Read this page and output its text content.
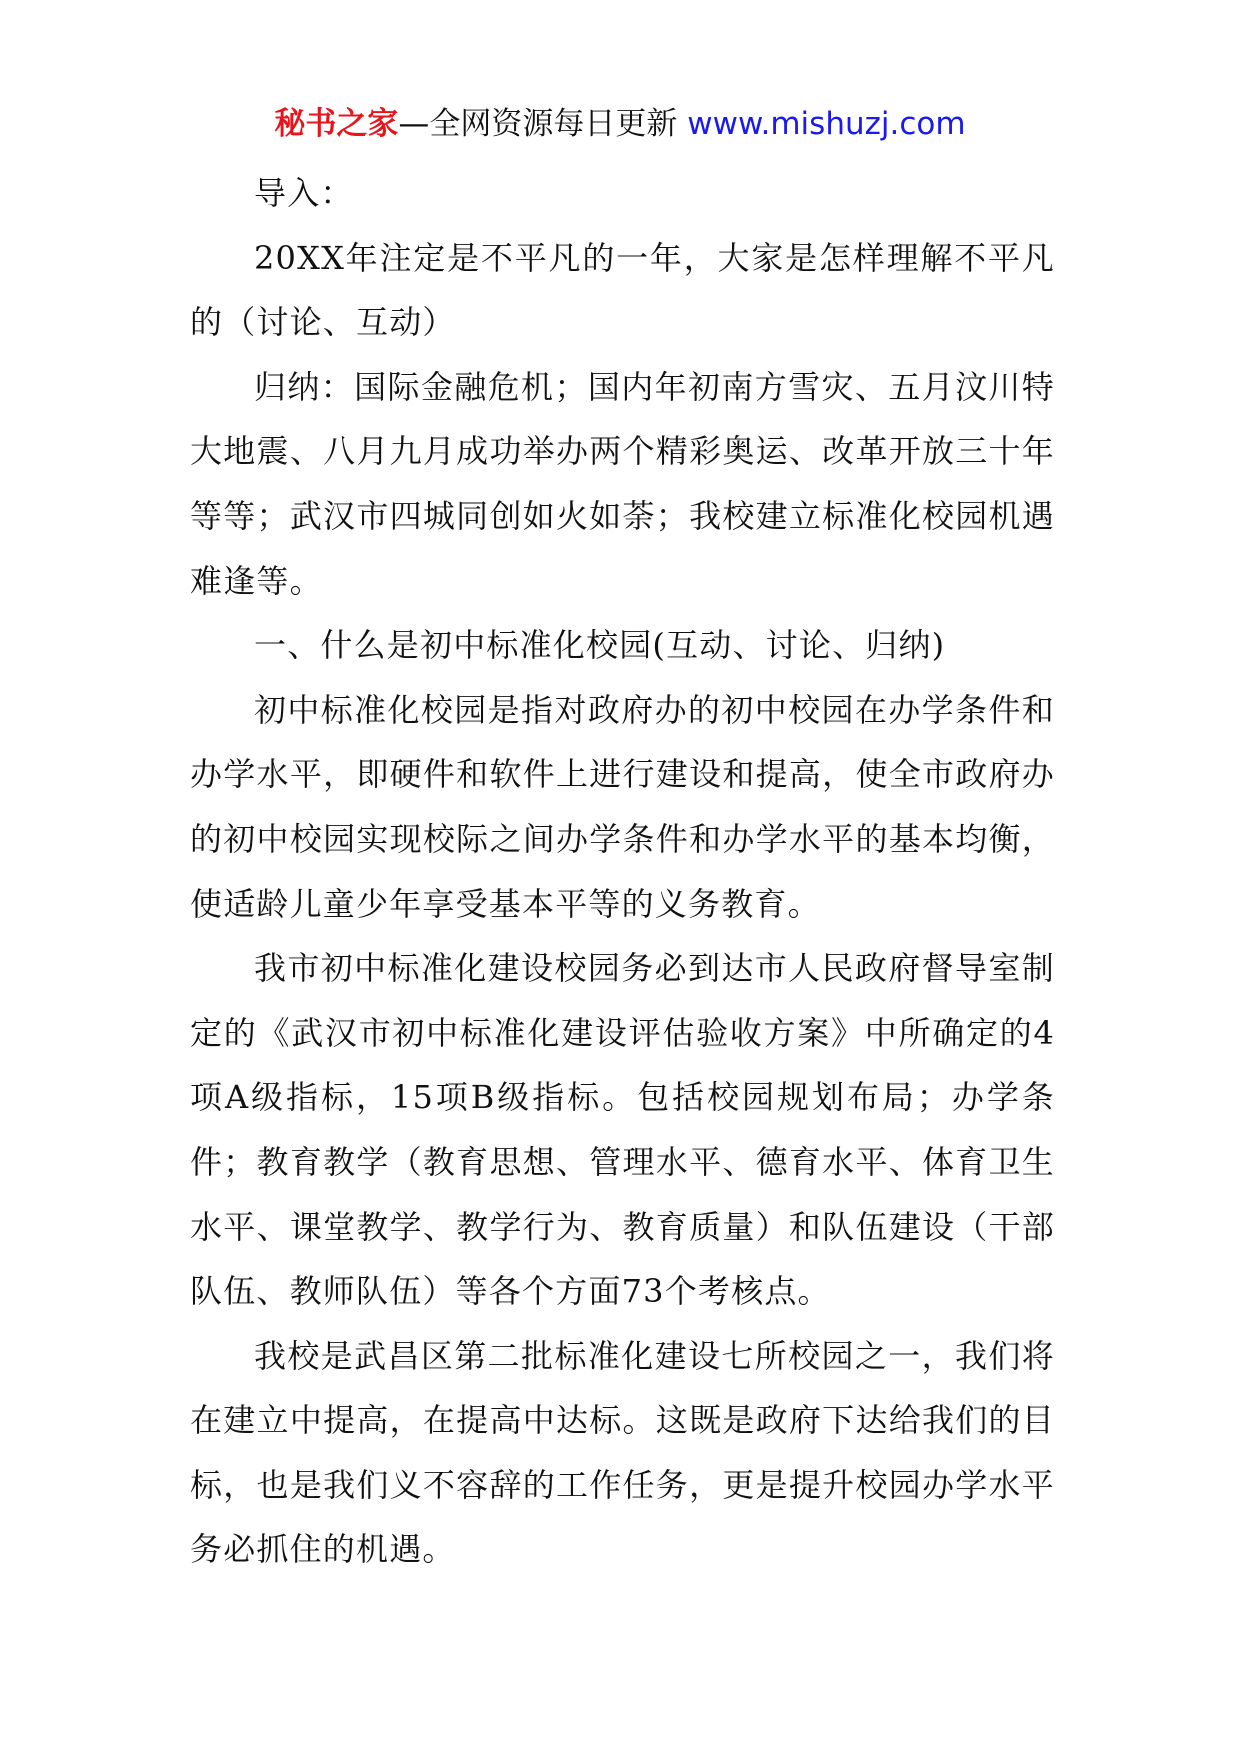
秘书之家—全网资源每日更新 www.mishuzj.com

导入：

20XX年注定是不平凡的一年，大家是怎样理解不平凡的（讨论、互动）

归纳：国际金融危机；国内年初南方雪灾、五月汶川特大地震、八月九月成功举办两个精彩奥运、改革开放三十年等等；武汉市四城同创如火如荼；我校建立标准化校园机遇难逢等。

一、什么是初中标准化校园(互动、讨论、归纳)

初中标准化校园是指对政府办的初中校园在办学条件和办学水平，即硬件和软件上进行建设和提高，使全市政府办的初中校园实现校际之间办学条件和办学水平的基本均衡，使适龄儿童少年享受基本平等的义务教育。

我市初中标准化建设校园务必到达市人民政府督导室制定的《武汉市初中标准化建设评估验收方案》中所确定的4项A级指标，15项B级指标。包括校园规划布局；办学条件；教育教学（教育思想、管理水平、德育水平、体育卫生水平、课堂教学、教学行为、教育质量）和队伍建设（干部队伍、教师队伍）等各个方面73个考核点。

我校是武昌区第二批标准化建设七所校园之一，我们将在建立中提高，在提高中达标。这既是政府下达给我们的目标，也是我们义不容辞的工作任务，更是提升校园办学水平务必抓住的机遇。
